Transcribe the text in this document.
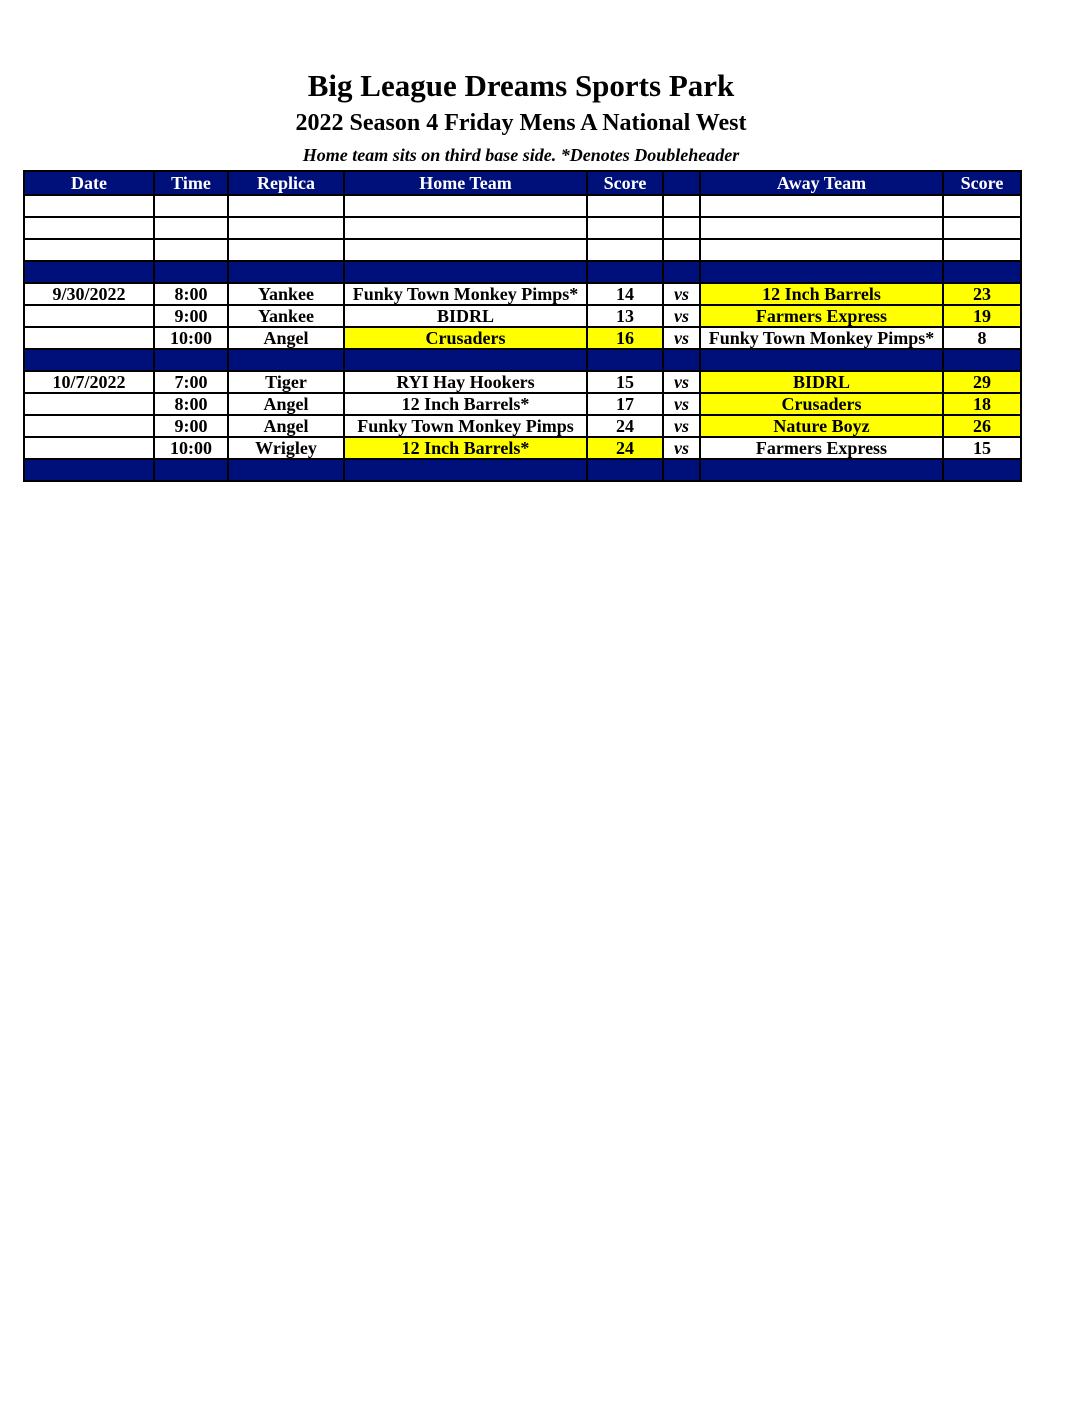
Big League Dreams Sports Park
2022 Season 4 Friday Mens A National West
Home team sits on third base side. *Denotes Doubleheader
Date	Time	Replica	Home Team	Score		Away Team	Score

9/30/2022	8:00	Yankee	Funky Town Monkey Pimps*	14	vs	12 Inch Barrels	23
	9:00	Yankee	BIDRL	13	vs	Farmers Express	19
	10:00	Angel	Crusaders	16	vs	Funky Town Monkey Pimps*	8

10/7/2022	7:00	Tiger	RYI Hay Hookers	15	vs	BIDRL	29
	8:00	Angel	12 Inch Barrels*	17	vs	Crusaders	18
	9:00	Angel	Funky Town Monkey Pimps	24	vs	Nature Boyz	26
	10:00	Wrigley	12 Inch Barrels*	24	vs	Farmers Express	15
